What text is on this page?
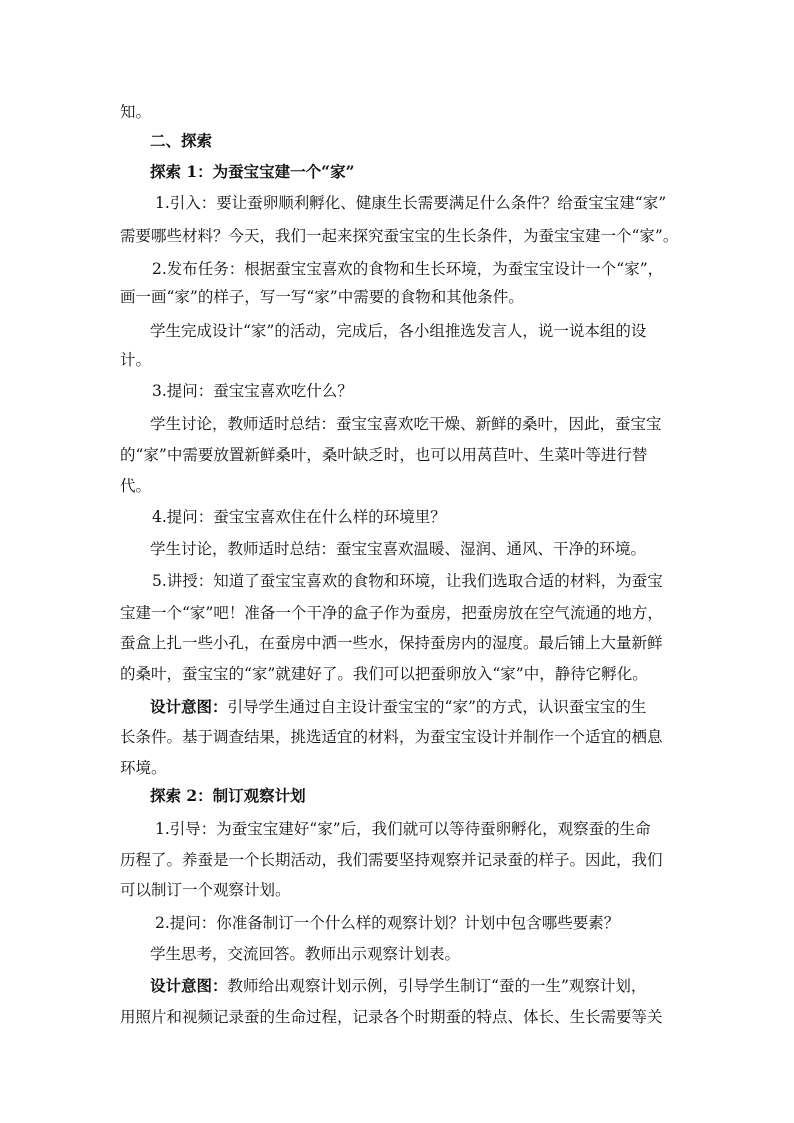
知。
二、探索
探索 1：为蚕宝宝建一个“家”
1.引入：要让蚕卵顺利孵化、健康生长需要满足什么条件？给蚕宝宝建“家”
需要哪些材料？今天，我们一起来探究蚕宝宝的生长条件，为蚕宝宝建一个“家”。
2.发布任务：根据蚕宝宝喜欢的食物和生长环境，为蚕宝宝设计一个“家”，
画一画“家”的样子，写一写“家”中需要的食物和其他条件。
学生完成设计“家”的活动，完成后，各小组推选发言人，说一说本组的设
计。
3.提问：蚕宝宝喜欢吃什么？
学生讨论，教师适时总结：蚕宝宝喜欢吃干燥、新鲜的桑叶，因此，蚕宝宝
的“家”中需要放置新鲜桑叶，桑叶缺乏时，也可以用莴苣叶、生菜叶等进行替
代。
4.提问：蚕宝宝喜欢住在什么样的环境里？
学生讨论，教师适时总结：蚕宝宝喜欢温暖、湿润、通风、干净的环境。
5.讲授：知道了蚕宝宝喜欢的食物和环境，让我们选取合适的材料，为蚕宝
宝建一个“家”吧！准备一个干净的盒子作为蚕房，把蚕房放在空气流通的地方，
蚕盒上扎一些小孔，在蚕房中洒一些水，保持蚕房内的湿度。最后铺上大量新鲜
的桑叶，蚕宝宝的“家”就建好了。我们可以把蚕卵放入“家”中，静待它孵化。
设计意图：引导学生通过自主设计蚕宝宝的“家”的方式，认识蚕宝宝的生
长条件。基于调查结果，挑选适宜的材料，为蚕宝宝设计并制作一个适宜的栖息
环境。
探索 2：制订观察计划
1.引导：为蚕宝宝建好“家”后，我们就可以等待蚕卵孵化，观察蚕的生命
历程了。养蚕是一个长期活动，我们需要坚持观察并记录蚕的样子。因此，我们
可以制订一个观察计划。
2.提问：你准备制订一个什么样的观察计划？计划中包含哪些要素？
学生思考，交流回答。教师出示观察计划表。
设计意图：教师给出观察计划示例，引导学生制订“蚕的一生”观察计划，
用照片和视频记录蚕的生命过程，记录各个时期蚕的特点、体长、生长需要等关
